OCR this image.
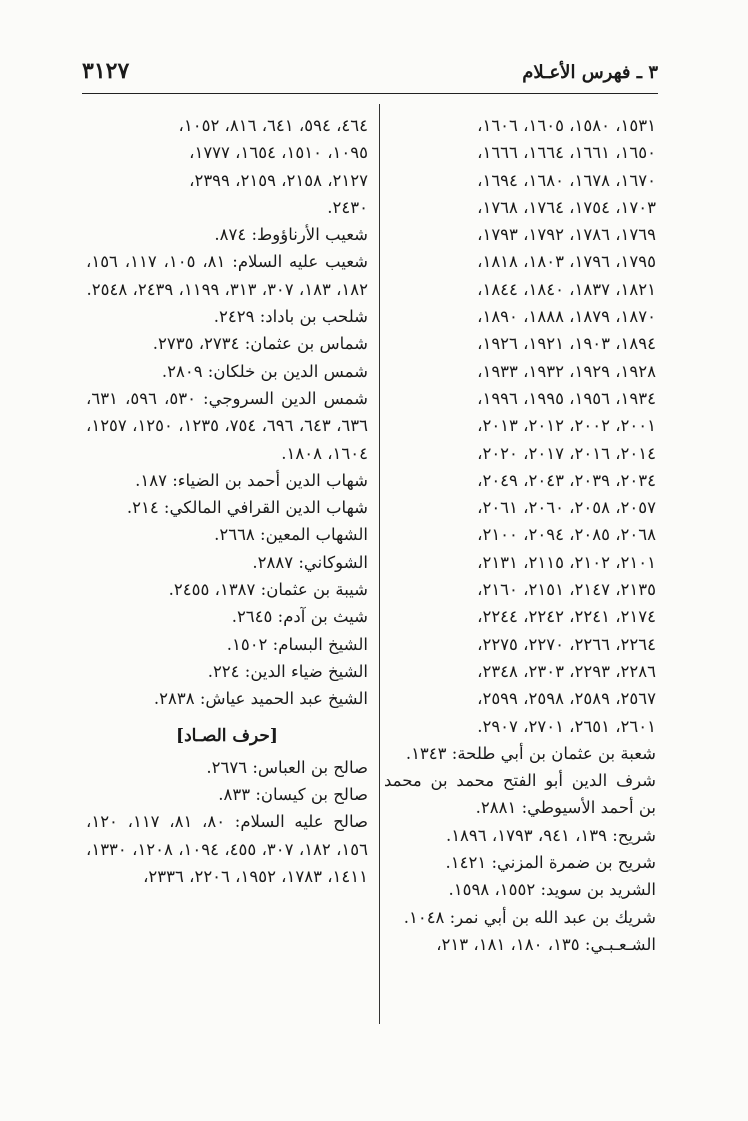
٣ ـ فهرس الأعـلام
٣١٢٧
١٥٣١، ١٥٨٠، ١٦٠٥، ١٦٠٦،
١٦٥٠، ١٦٦١، ١٦٦٤، ١٦٦٦،
١٦٧٠، ١٦٧٨، ١٦٨٠، ١٦٩٤،
١٧٠٣، ١٧٥٤، ١٧٦٤، ١٧٦٨،
١٧٦٩، ١٧٨٦، ١٧٩٢، ١٧٩٣،
١٧٩٥، ١٧٩٦، ١٨٠٣، ١٨١٨،
١٨٢١، ١٨٣٧، ١٨٤٠، ١٨٤٤،
١٨٧٠، ١٨٧٩، ١٨٨٨، ١٨٩٠،
١٨٩٤، ١٩٠٣، ١٩٢١، ١٩٢٦،
١٩٢٨، ١٩٢٩، ١٩٣٢، ١٩٣٣،
١٩٣٤، ١٩٥٦، ١٩٩٥، ١٩٩٦،
٢٠٠١، ٢٠٠٢، ٢٠١٢، ٢٠١٣،
٢٠١٤، ٢٠١٦، ٢٠١٧، ٢٠٢٠،
٢٠٣٤، ٢٠٣٩، ٢٠٤٣، ٢٠٤٩،
٢٠٥٧، ٢٠٥٨، ٢٠٦٠، ٢٠٦١،
٢٠٦٨، ٢٠٨٥، ٢٠٩٤، ٢١٠٠،
٢١٠١، ٢١٠٢، ٢١١٥، ٢١٣١،
٢١٣٥، ٢١٤٧، ٢١٥١، ٢١٦٠،
٢١٧٤، ٢٢٤١، ٢٢٤٢، ٢٢٤٤،
٢٢٦٤، ٢٢٦٦، ٢٢٧٠، ٢٢٧٥،
٢٢٨٦، ٢٢٩٣، ٢٣٠٣، ٢٣٤٨،
٢٥٦٧، ٢٥٨٩، ٢٥٩٨، ٢٥٩٩،
٢٦٠١، ٢٦٥١، ٢٧٠١، ٢٩٠٧.
شعبة بن عثمان بن أبي طلحة: ١٣٤٣.
شرف الدين أبو الفتح محمد بن محمد بن أحمد الأسيوطي: ٢٨٨١.
شريح: ١٣٩، ٩٤١، ١٧٩٣، ١٨٩٦.
شريح بن ضمرة المزني: ١٤٢١.
الشريد بن سويد: ١٥٥٢، ١٥٩٨.
شريك بن عبد الله بن أبي نمر: ١٠٤٨.
الشـعـبـي: ١٣٥، ١٨٠، ١٨١، ٢١٣،
٤٦٤، ٥٩٤، ٦٤١، ٨١٦، ١٠٥٢،
١٠٩٥، ١٥١٠، ١٦٥٤، ١٧٧٧،
٢١٢٧، ٢١٥٨، ٢١٥٩، ٢٣٩٩،
٢٤٣٠.
شعيب الأرناؤوط: ٨٧٤.
شعيب عليه السلام: ٨١، ١٠٥، ١١٧، ١٥٦، ١٨٢، ١٨٣، ٣٠٧، ٣١٣، ١١٩٩، ٢٤٣٩، ٢٥٤٨.
شلحب بن باداد: ٢٤٢٩.
شماس بن عثمان: ٢٧٣٤، ٢٧٣٥.
شمس الدين بن خلكان: ٢٨٠٩.
شمس الدين السروجي: ٥٣٠، ٥٩٦، ٦٣١، ٦٣٦، ٦٤٣، ٦٩٦، ٧٥٤، ١٢٣٥، ١٢٥٠، ١٢٥٧، ١٦٠٤، ١٨٠٨.
شهاب الدين أحمد بن الضياء: ١٨٧.
شهاب الدين القرافي المالكي: ٢١٤.
الشهاب المعين: ٢٦٦٨.
الشوكاني: ٢٨٨٧.
شيبة بن عثمان: ١٣٨٧، ٢٤٥٥.
شيث بن آدم: ٢٦٤٥.
الشيخ البسام: ١٥٠٢.
الشيخ ضياء الدين: ٢٢٤.
الشيخ عبد الحميد عياش: ٢٨٣٨.
[حرف الصـاد]
صالح بن العباس: ٢٦٧٦.
صالح بن كيسان: ٨٣٣.
صالح عليه السلام: ٨٠، ٨١، ١١٧، ١٢٠، ١٥٦، ١٨٢، ٣٠٧، ٤٥٥، ١٠٩٤، ١٢٠٨، ١٣٣٠، ١٤١١، ١٧٨٣، ١٩٥٢، ٢٢٠٦، ٢٣٣٦،
